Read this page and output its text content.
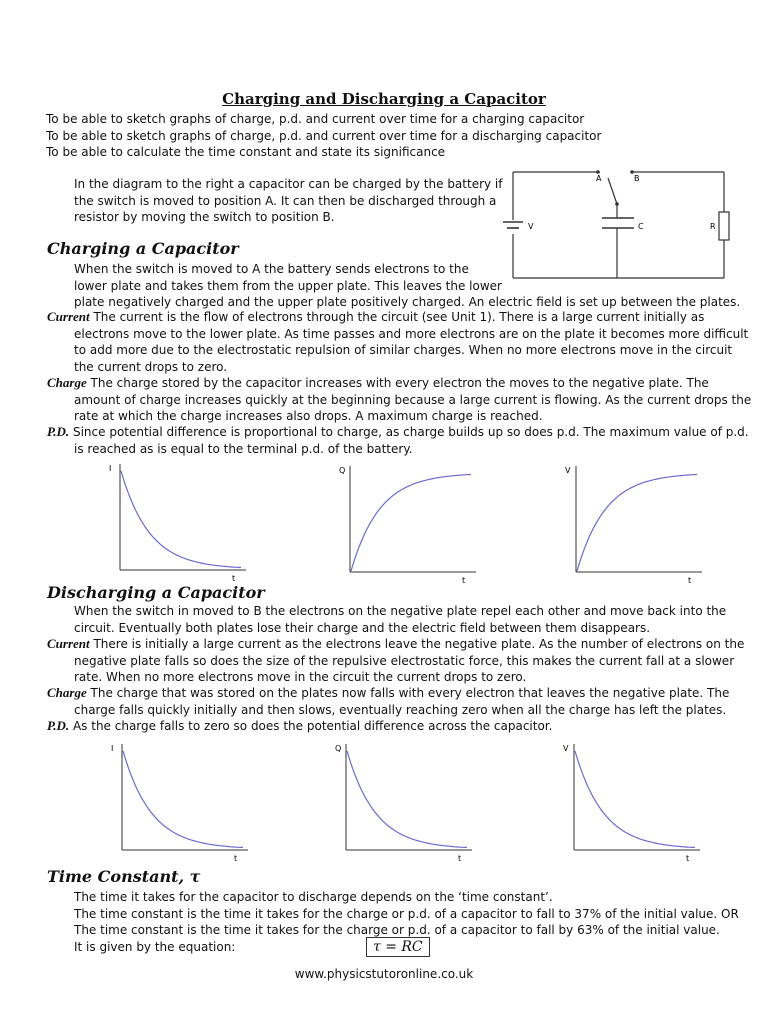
Charging and Discharging a Capacitor
To be able to sketch graphs of charge, p.d. and current over time for a charging capacitor
To be able to sketch graphs of charge, p.d. and current over time for a discharging capacitor
To be able to calculate the time constant and state its significance
In the diagram to the right a capacitor can be charged by the battery if
the switch is moved to position A. It can then be discharged through a
resistor by moving the switch to position B.
A	B
V	C	R
Charging a Capacitor
When the switch is moved to A the battery sends electrons to the
lower plate and takes them from the upper plate. This leaves the lower
plate negatively charged and the upper plate positively charged. An electric field is set up between the plates.
Current The current is the flow of electrons through the circuit (see Unit 1). There is a large current initially as
electrons move to the lower plate. As time passes and more electrons are on the plate it becomes more difficult
to add more due to the electrostatic repulsion of similar charges. When no more electrons move in the circuit
the current drops to zero.
Charge The charge stored by the capacitor increases with every electron the moves to the negative plate. The
amount of charge increases quickly at the beginning because a large current is flowing. As the current drops the
rate at which the charge increases also drops. A maximum charge is reached.
P.D. Since potential difference is proportional to charge, as charge builds up so does p.d. The maximum value of p.d.
is reached as is equal to the terminal p.d. of the battery.
I
t
Q
t
V
t
Discharging a Capacitor
When the switch in moved to B the electrons on the negative plate repel each other and move back into the
circuit. Eventually both plates lose their charge and the electric field between them disappears.
Current There is initially a large current as the electrons leave the negative plate. As the number of electrons on the
negative plate falls so does the size of the repulsive electrostatic force, this makes the current fall at a slower
rate. When no more electrons move in the circuit the current drops to zero.
Charge The charge that was stored on the plates now falls with every electron that leaves the negative plate. The
charge falls quickly initially and then slows, eventually reaching zero when all the charge has left the plates.
P.D. As the charge falls to zero so does the potential difference across the capacitor.
I
t
Q
t
V
t
Time Constant, τ
The time it takes for the capacitor to discharge depends on the ‘time constant’.
The time constant is the time it takes for the charge or p.d. of a capacitor to fall to 37% of the initial value. OR
The time constant is the time it takes for the charge or p.d. of a capacitor to fall by 63% of the initial value.
It is given by the equation:	τ = RC
www.physicstutoronline.co.uk
